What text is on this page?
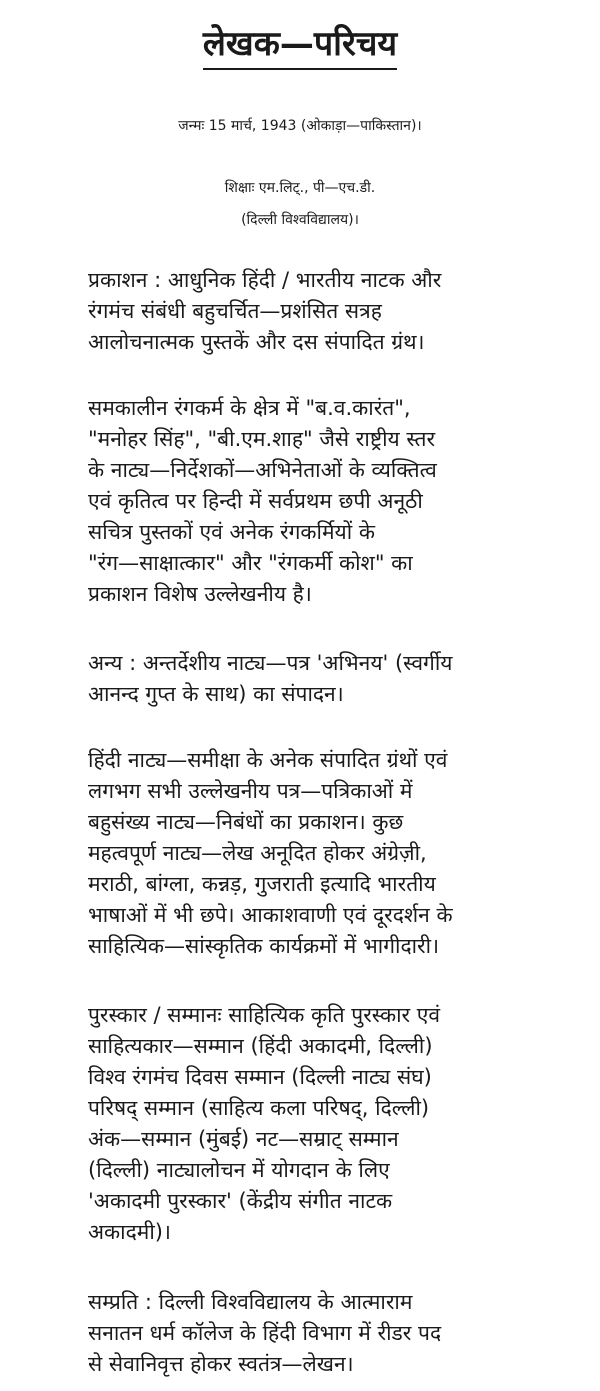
लेखक—परिचय

जन्मः 15 मार्च, 1943 (ओकाड़ा—पाकिस्तान)।

शिक्षाः एम.लिट्., पी—एच.डी.

(दिल्ली विश्वविद्यालय)।

प्रकाशन : आधुनिक हिंदी / भारतीय नाटक और
रंगमंच संबंधी बहुचर्चित—प्रशंसित सत्रह
आलोचनात्मक पुस्तकें और दस संपादित ग्रंथ।
समकालीन रंगकर्म के क्षेत्र में "ब.व.कारंत",
"मनोहर सिंह", "बी.एम.शाह" जैसे राष्ट्रीय स्तर
के नाट्य—निर्देशकों—अभिनेताओं के व्यक्तित्व
एवं कृतित्व पर हिन्दी में सर्वप्रथम छपी अनूठी
सचित्र पुस्तकों एवं अनेक रंगकर्मियों के
"रंग—साक्षात्कार" और "रंगकर्मी कोश" का
प्रकाशन विशेष उल्लेखनीय है।
अन्य : अन्तर्देशीय नाट्य—पत्र 'अभिनय' (स्वर्गीय
आनन्द गुप्त के साथ) का संपादन।
हिंदी नाट्य—समीक्षा के अनेक संपादित ग्रंथों एवं
लगभग सभी उल्लेखनीय पत्र—पत्रिकाओं में
बहुसंख्य नाट्य—निबंधों का प्रकाशन। कुछ
महत्वपूर्ण नाट्य—लेख अनूदित होकर अंग्रेज़ी,
मराठी, बांग्ला, कन्नड़, गुजराती इत्यादि भारतीय
भाषाओं में भी छपे। आकाशवाणी एवं दूरदर्शन के
साहित्यिक—सांस्कृतिक कार्यक्रमों में भागीदारी।
पुरस्कार / सम्मानः साहित्यिक कृति पुरस्कार एवं
साहित्यकार—सम्मान (हिंदी अकादमी, दिल्ली)
विश्व रंगमंच दिवस सम्मान (दिल्ली नाट्य संघ)
परिषद् सम्मान (साहित्य कला परिषद्, दिल्ली)
अंक—सम्मान (मुंबई) नट—सम्राट् सम्मान
(दिल्ली) नाट्यालोचन में योगदान के लिए
'अकादमी पुरस्कार' (केंद्रीय संगीत नाटक
अकादमी)।
सम्प्रति : दिल्ली विश्वविद्यालय के आत्माराम
सनातन धर्म कॉलेज के हिंदी विभाग में रीडर पद
से सेवानिवृत्त होकर स्वतंत्र—लेखन।
